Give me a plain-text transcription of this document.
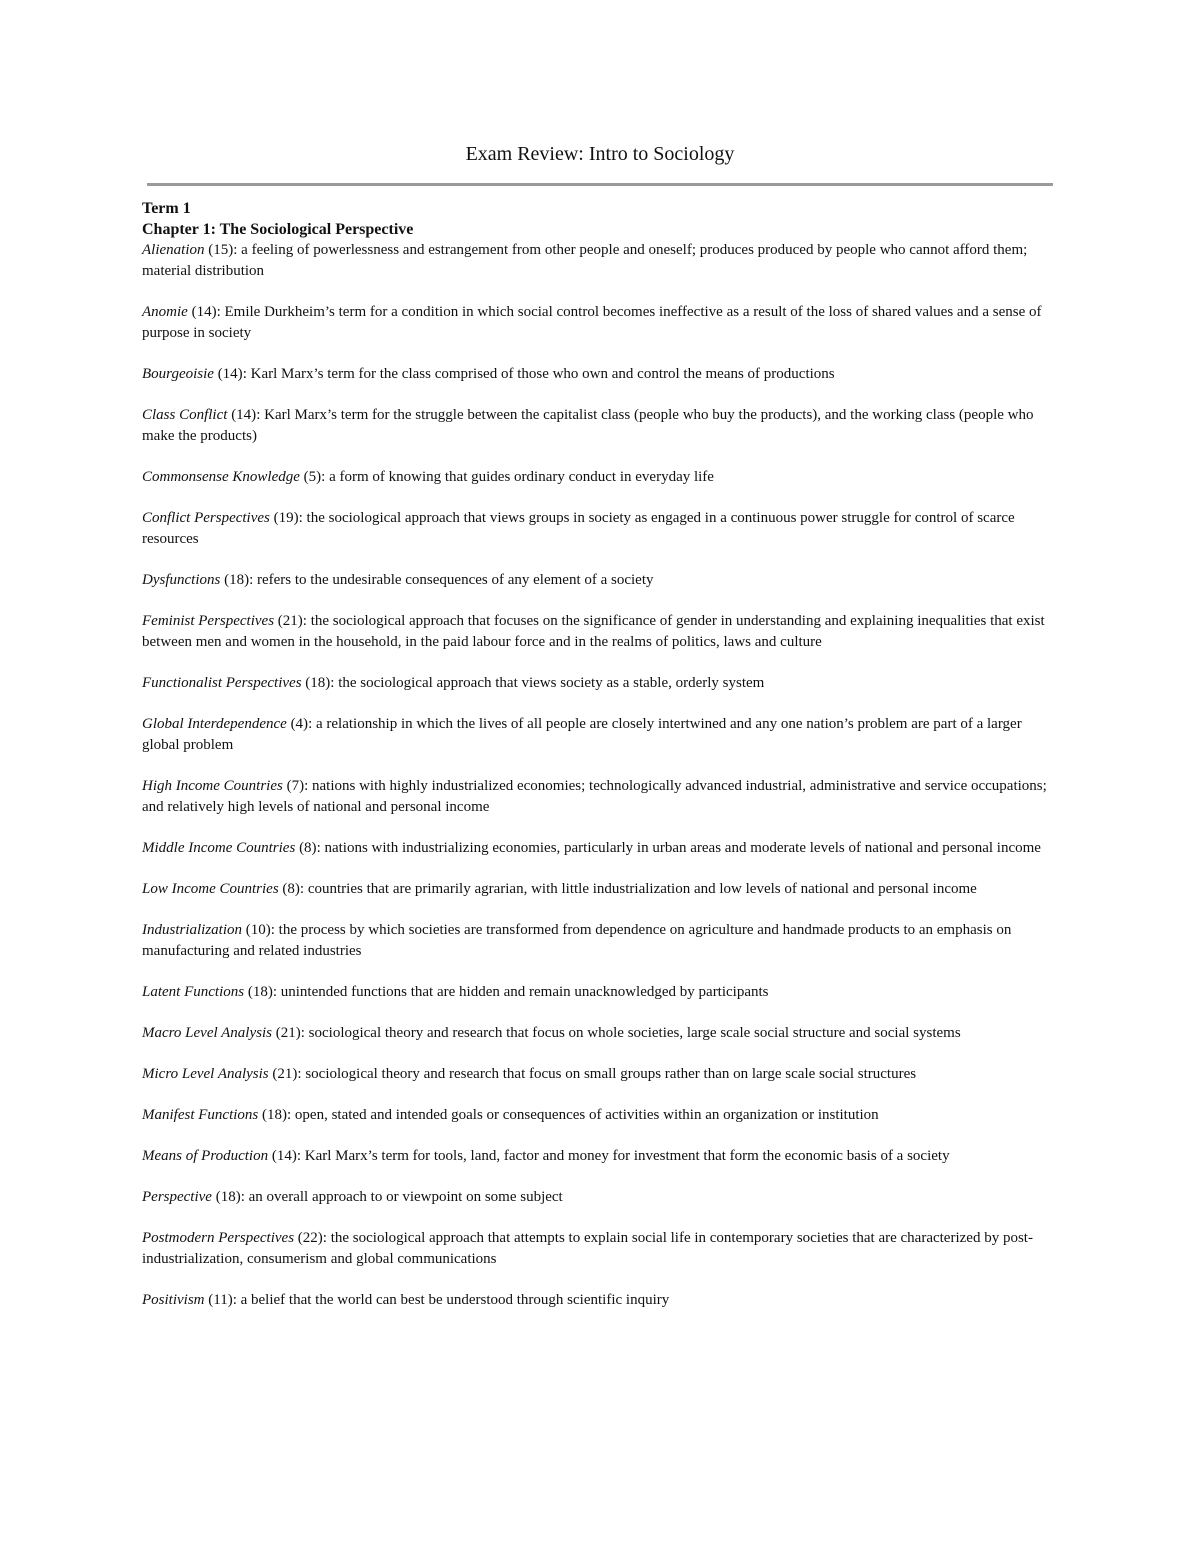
Exam Review: Intro to Sociology

Term 1

Chapter 1: The Sociological Perspective

Alienation (15): a feeling of powerlessness and estrangement from other people and oneself; produces produced by people who cannot afford them; material distribution
Anomie (14): Emile Durkheim’s term for a condition in which social control becomes ineffective as a result of the loss of shared values and a sense of purpose in society
Bourgeoisie (14): Karl Marx’s term for the class comprised of those who own and control the means of productions
Class Conflict (14): Karl Marx’s term for the struggle between the capitalist class (people who buy the products), and the working class (people who make the products)
Commonsense Knowledge (5): a form of knowing that guides ordinary conduct in everyday life
Conflict Perspectives (19): the sociological approach that views groups in society as engaged in a continuous power struggle for control of scarce resources
Dysfunctions (18): refers to the undesirable consequences of any element of a society
Feminist Perspectives (21): the sociological approach that focuses on the significance of gender in understanding and explaining inequalities that exist between men and women in the household, in the paid labour force and in the realms of politics, laws and culture
Functionalist Perspectives (18): the sociological approach that views society as a stable, orderly system
Global Interdependence (4): a relationship in which the lives of all people are closely intertwined and any one nation’s problem are part of a larger global problem
High Income Countries (7): nations with highly industrialized economies; technologically advanced industrial, administrative and service occupations; and relatively high levels of national and personal income
Middle Income Countries (8): nations with industrializing economies, particularly in urban areas and moderate levels of national and personal income
Low Income Countries (8): countries that are primarily agrarian, with little industrialization and low levels of national and personal income
Industrialization (10): the process by which societies are transformed from dependence on agriculture and handmade products to an emphasis on manufacturing and related industries
Latent Functions (18): unintended functions that are hidden and remain unacknowledged by participants
Macro Level Analysis (21): sociological theory and research that focus on whole societies, large scale social structure and social systems
Micro Level Analysis (21): sociological theory and research that focus on small groups rather than on large scale social structures
Manifest Functions (18): open, stated and intended goals or consequences of activities within an organization or institution
Means of Production (14): Karl Marx’s term for tools, land, factor and money for investment that form the economic basis of a society
Perspective (18): an overall approach to or viewpoint on some subject
Postmodern Perspectives (22): the sociological approach that attempts to explain social life in contemporary societies that are characterized by post-industrialization, consumerism and global communications
Positivism (11): a belief that the world can best be understood through scientific inquiry
